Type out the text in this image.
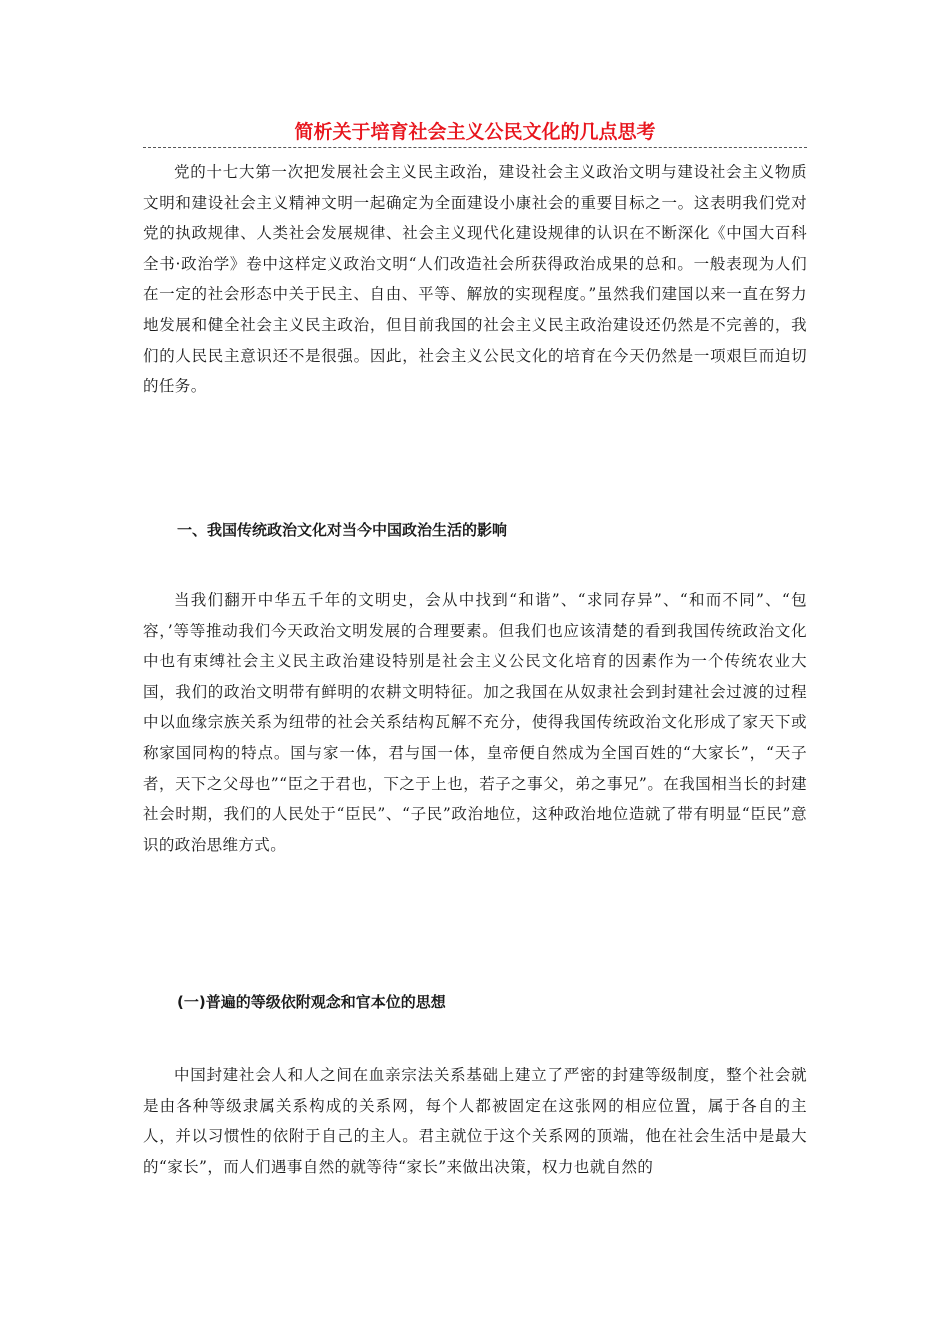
简析关于培育社会主义公民文化的几点思考

党的十七大第一次把发展社会主义民主政治，建设社会主义政治文明与建设社会主义物质文明和建设社会主义精神文明一起确定为全面建设小康社会的重要目标之一。这表明我们党对党的执政规律、人类社会发展规律、社会主义现代化建设规律的认识在不断深化《中国大百科全书·政治学》卷中这样定义政治文明“人们改造社会所获得政治成果的总和。一般表现为人们在一定的社会形态中关于民主、自由、平等、解放的实现程度。”虽然我们建国以来一直在努力地发展和健全社会主义民主政治，但目前我国的社会主义民主政治建设还仍然是不完善的，我们的人民民主意识还不是很强。因此，社会主义公民文化的培育在今天仍然是一项艰巨而迫切的任务。

一、我国传统政治文化对当今中国政治生活的影响

当我们翻开中华五千年的文明史，会从中找到“和谐”、“求同存异”、“和而不同”、“包容，’等等推动我们今天政治文明发展的合理要素。但我们也应该清楚的看到我国传统政治文化中也有束缚社会主义民主政治建设特别是社会主义公民文化培育的因素作为一个传统农业大国，我们的政治文明带有鲜明的农耕文明特征。加之我国在从奴隶社会到封建社会过渡的过程中以血缘宗族关系为纽带的社会关系结构瓦解不充分，使得我国传统政治文化形成了家天下或称家国同构的特点。国与家一体，君与国一体，皇帝便自然成为全国百姓的“大家长”，“天子者，天下之父母也”“臣之于君也，下之于上也，若子之事父，弟之事兄”。在我国相当长的封建社会时期，我们的人民处于“臣民”、“子民”政治地位，这种政治地位造就了带有明显“臣民”意识的政治思维方式。

(一)普遍的等级依附观念和官本位的思想

中国封建社会人和人之间在血亲宗法关系基础上建立了严密的封建等级制度，整个社会就是由各种等级隶属关系构成的关系网，每个人都被固定在这张网的相应位置，属于各自的主人，并以习惯性的依附于自己的主人。君主就位于这个关系网的顶端，他在社会生活中是最大的“家长”，而人们遇事自然的就等待“家长”来做出决策，权力也就自然的
